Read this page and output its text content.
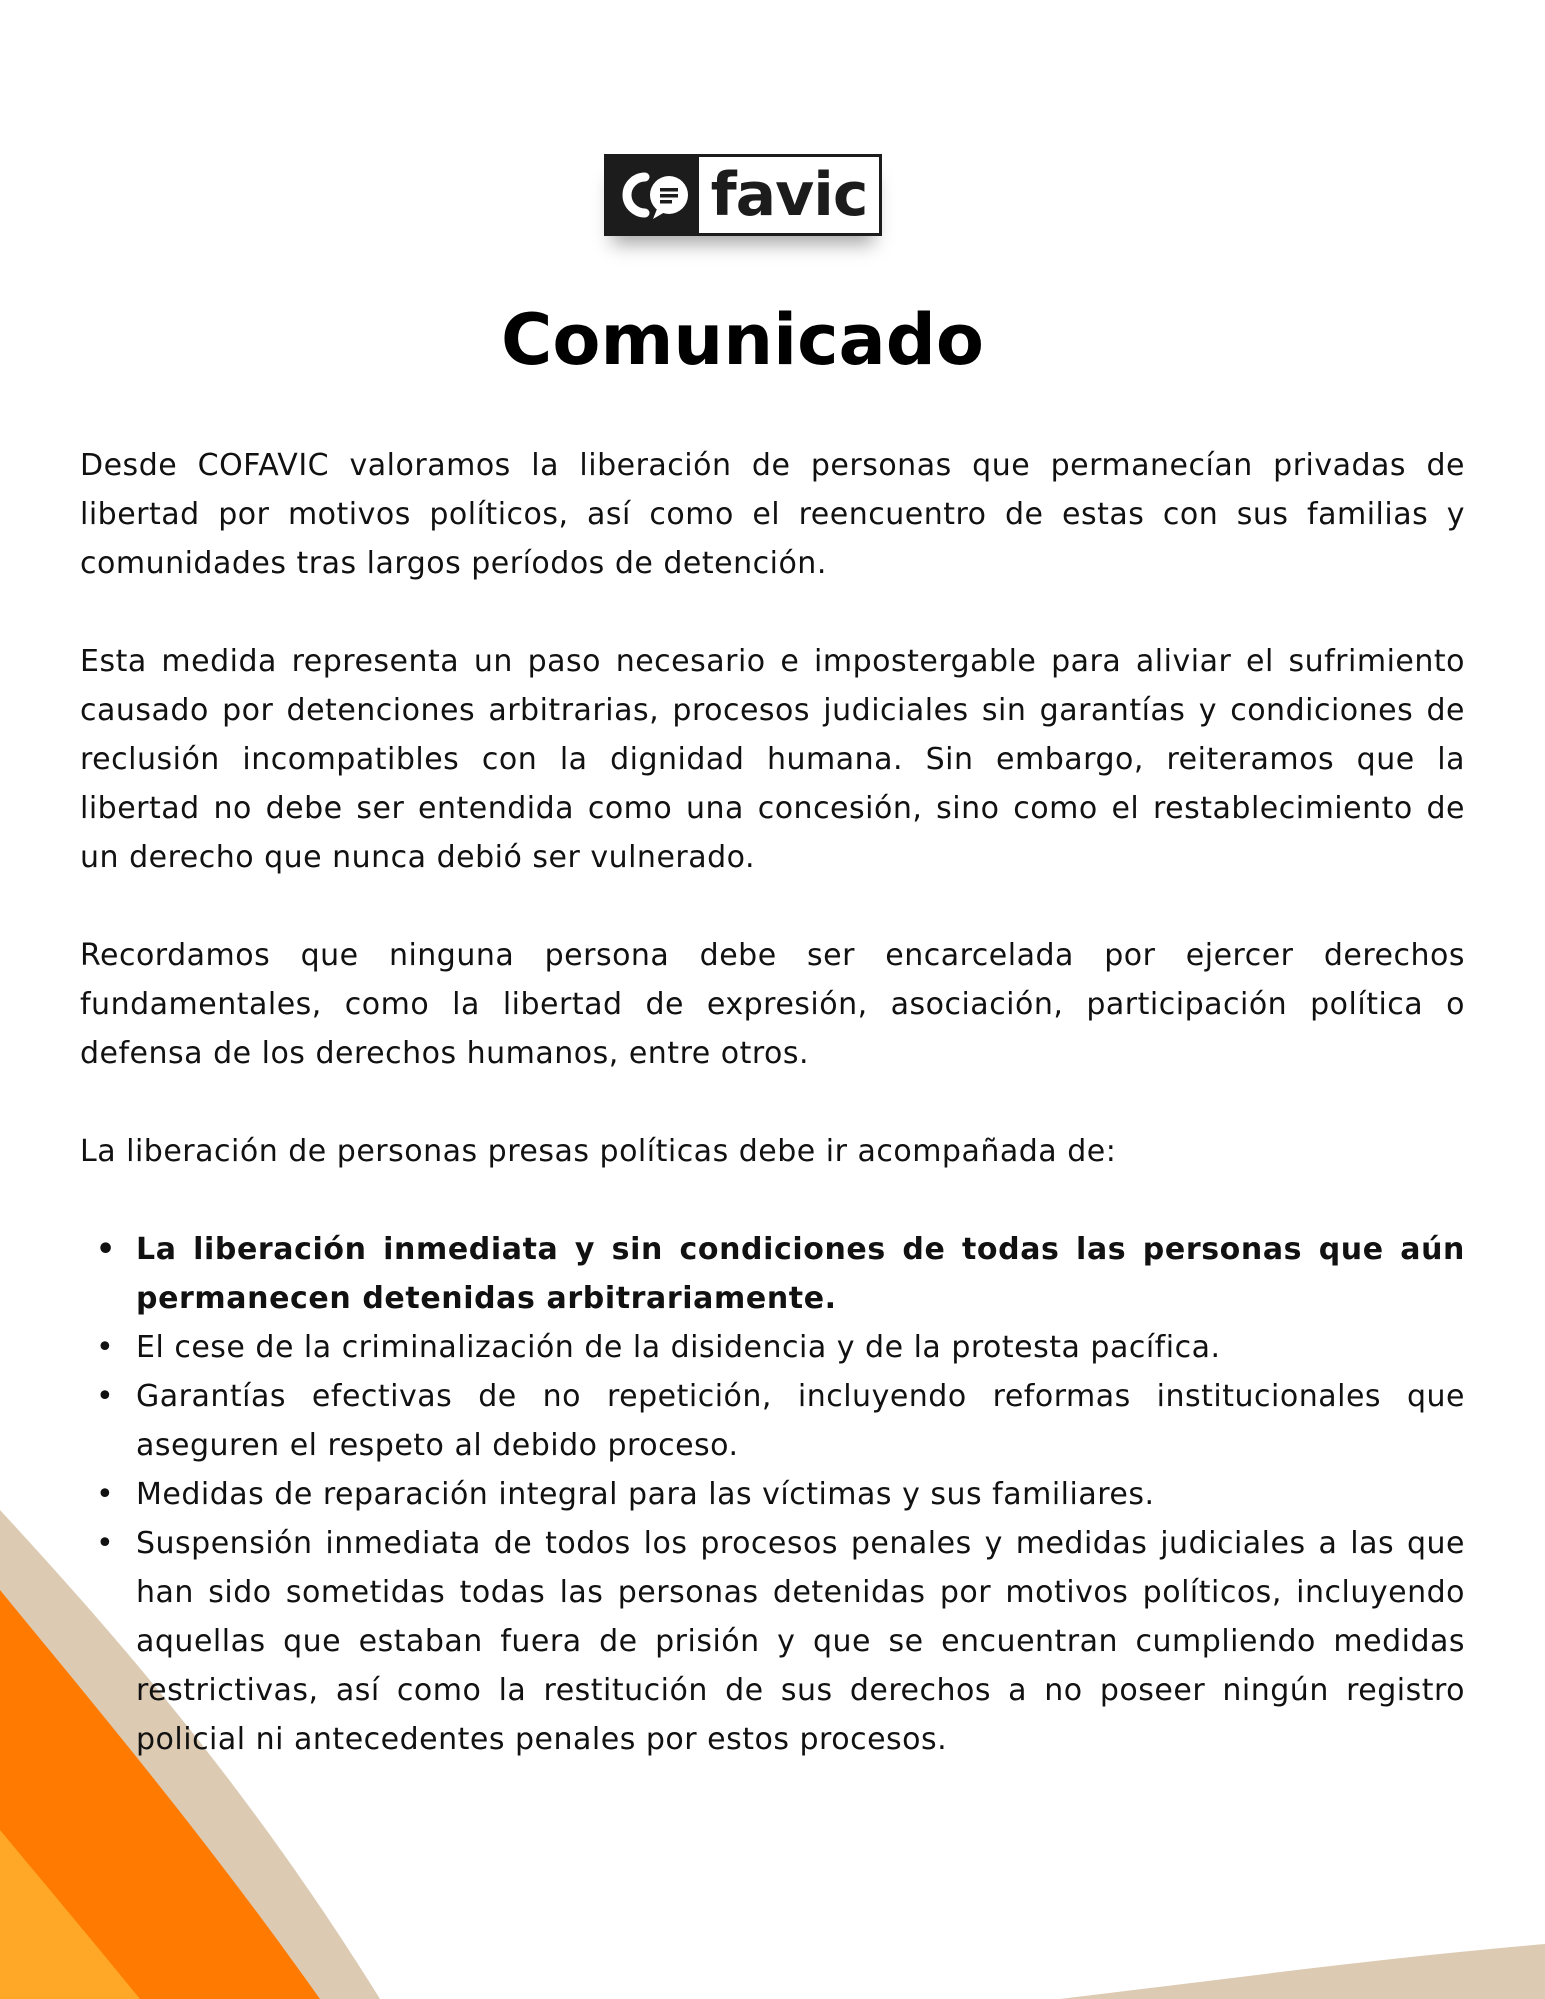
favic
Comunicado

Desde COFAVIC valoramos la liberación de personas que permanecían privadas de libertad por motivos políticos, así como el reencuentro de estas con sus familias y comunidades tras largos períodos de detención.

Esta medida representa un paso necesario e impostergable para aliviar el sufrimiento causado por detenciones arbitrarias, procesos judiciales sin garantías y condiciones de reclusión incompatibles con la dignidad humana. Sin embargo, reiteramos que la libertad no debe ser entendida como una concesión, sino como el restablecimiento de un derecho que nunca debió ser vulnerado.

Recordamos que ninguna persona debe ser encarcelada por ejercer derechos fundamentales, como la libertad de expresión, asociación, participación política o defensa de los derechos humanos, entre otros.

La liberación de personas presas políticas debe ir acompañada de:

• La liberación inmediata y sin condiciones de todas las personas que aún permanecen detenidas arbitrariamente.
• El cese de la criminalización de la disidencia y de la protesta pacífica.
• Garantías efectivas de no repetición, incluyendo reformas institucionales que aseguren el respeto al debido proceso.
• Medidas de reparación integral para las víctimas y sus familiares.
• Suspensión inmediata de todos los procesos penales y medidas judiciales a las que han sido sometidas todas las personas detenidas por motivos políticos, incluyendo aquellas que estaban fuera de prisión y que se encuentran cumpliendo medidas restrictivas, así como la restitución de sus derechos a no poseer ningún registro policial ni antecedentes penales por estos procesos.
